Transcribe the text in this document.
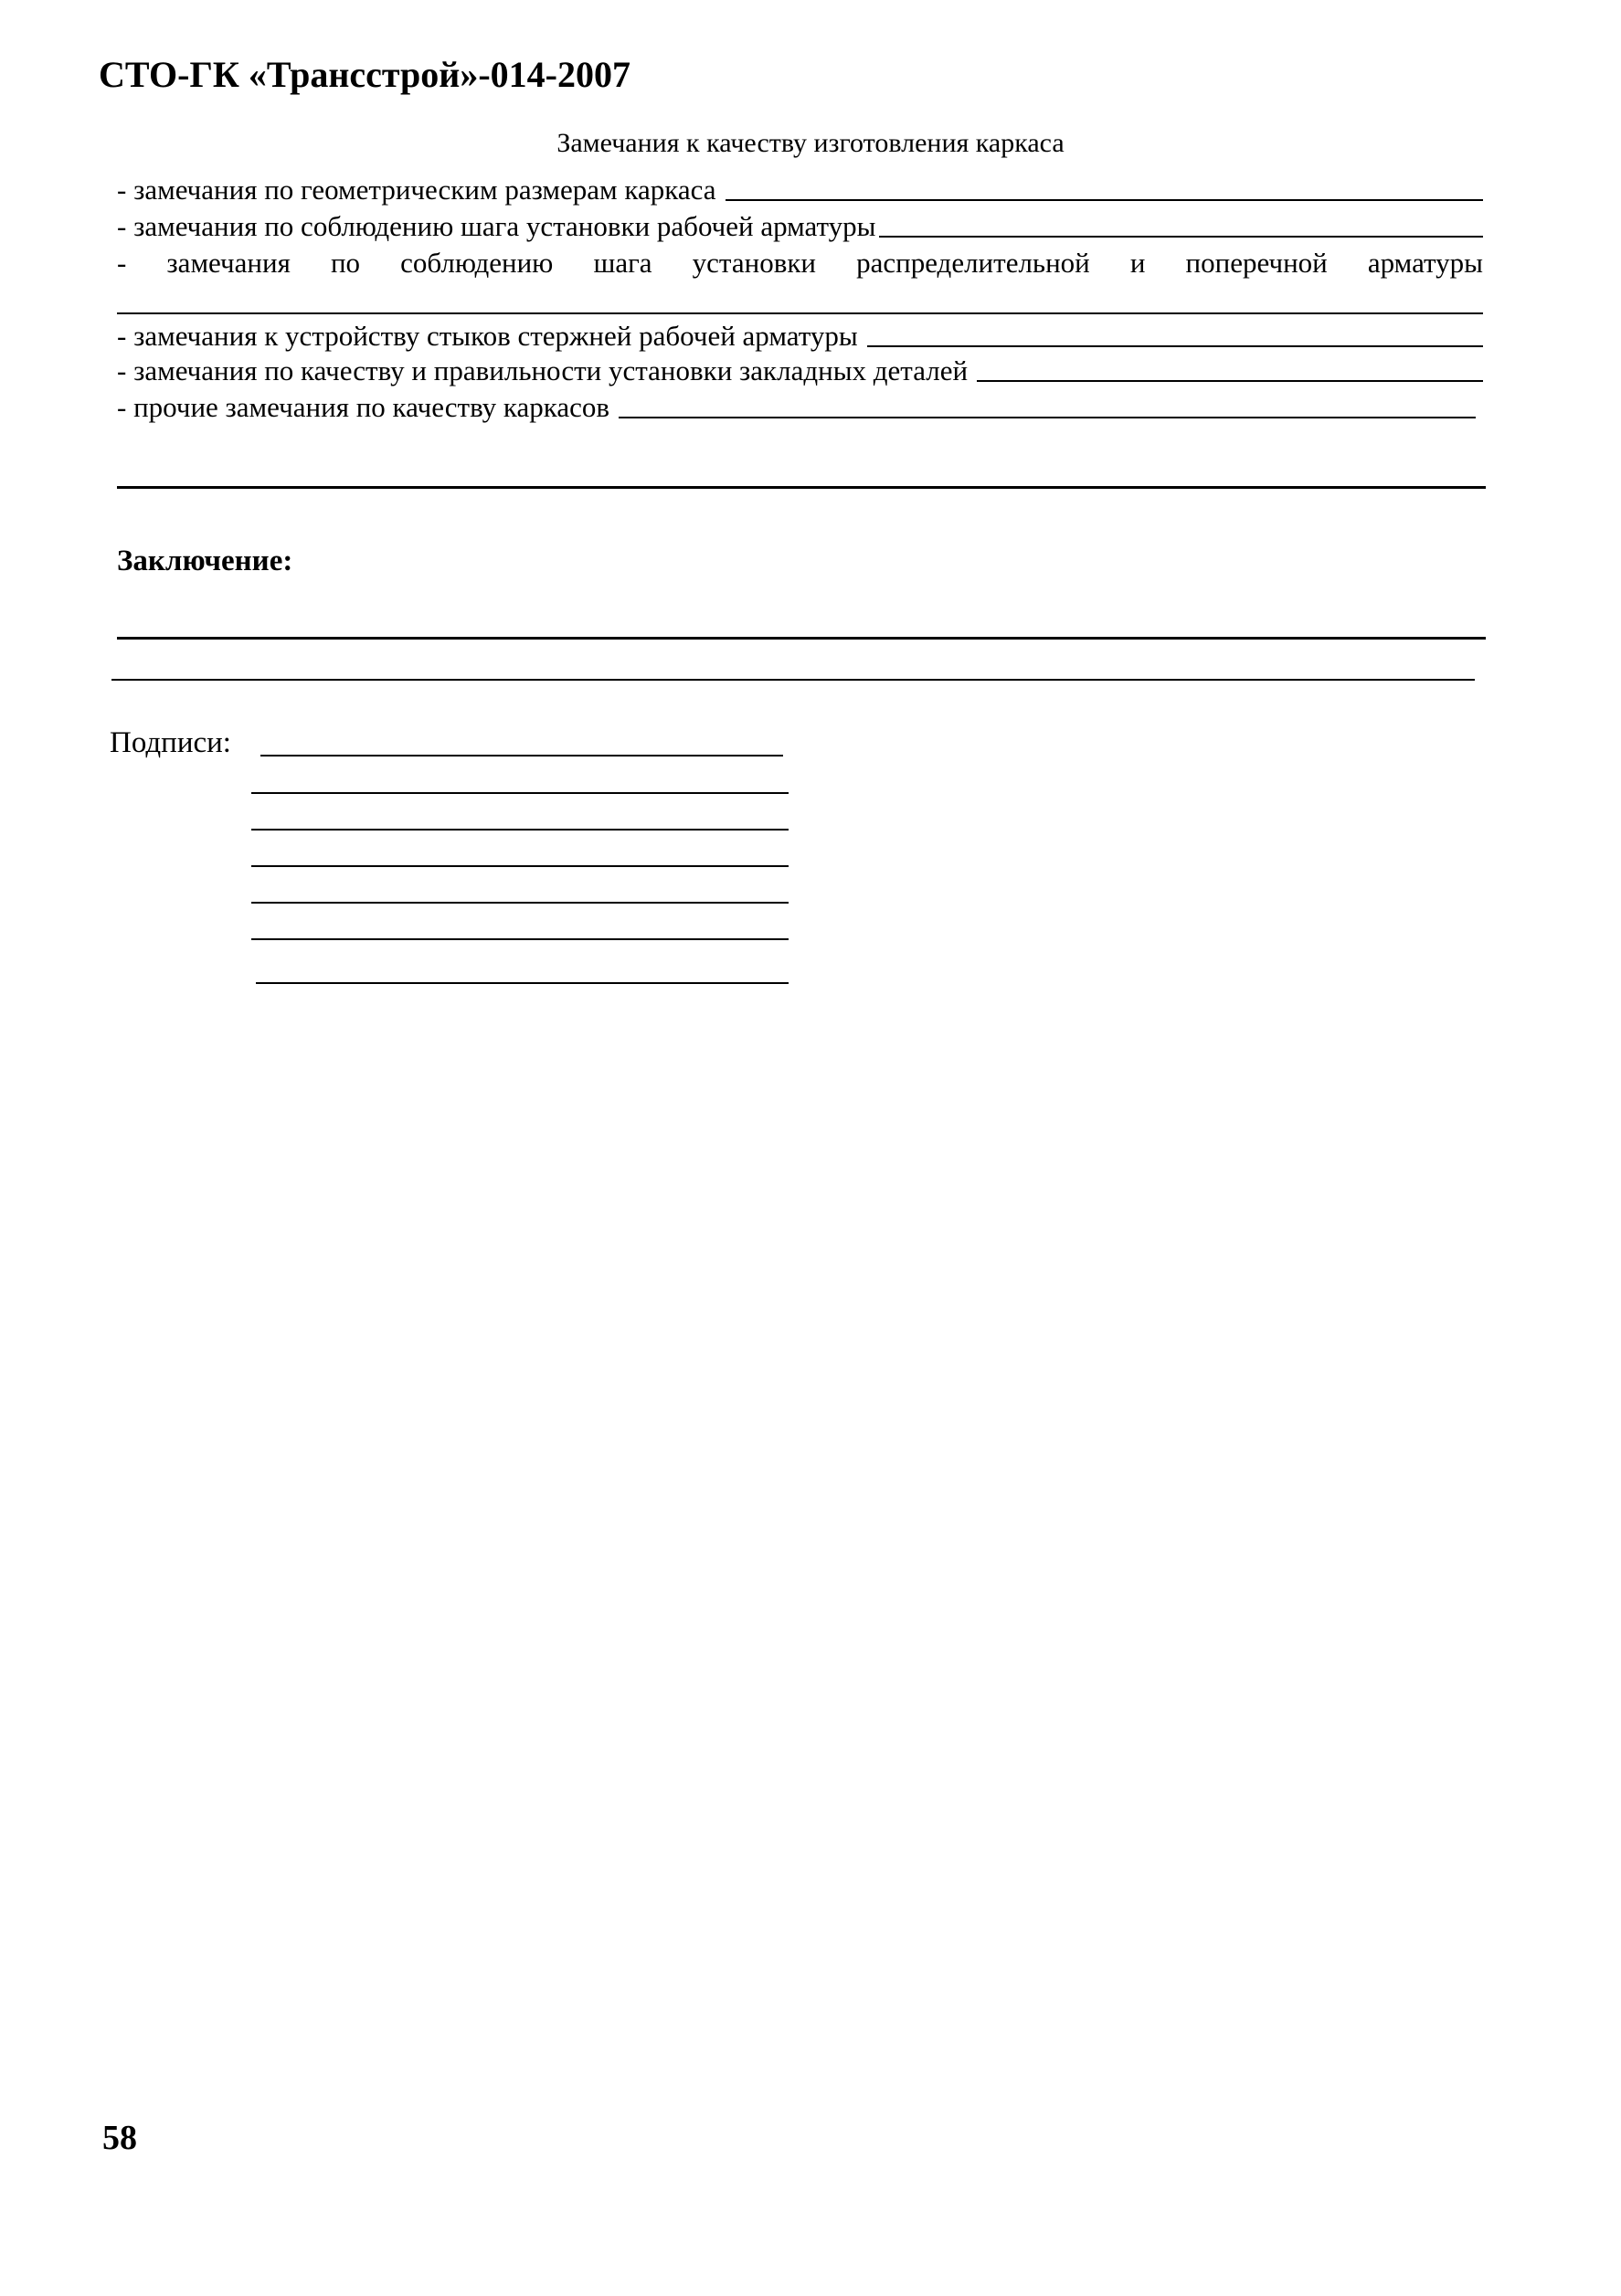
СТО-ГК «Трансстрой»-014-2007
Замечания к качеству изготовления каркаса
- замечания по геометрическим размерам каркаса
- замечания по соблюдению шага установки рабочей арматуры
- замечания по соблюдению шага установки распределительной и поперечной арматуры
- замечания к устройству стыков стержней рабочей арматуры
- замечания по качеству и правильности установки закладных деталей
- прочие замечания по качеству каркасов
Заключение:
Подписи:
58
